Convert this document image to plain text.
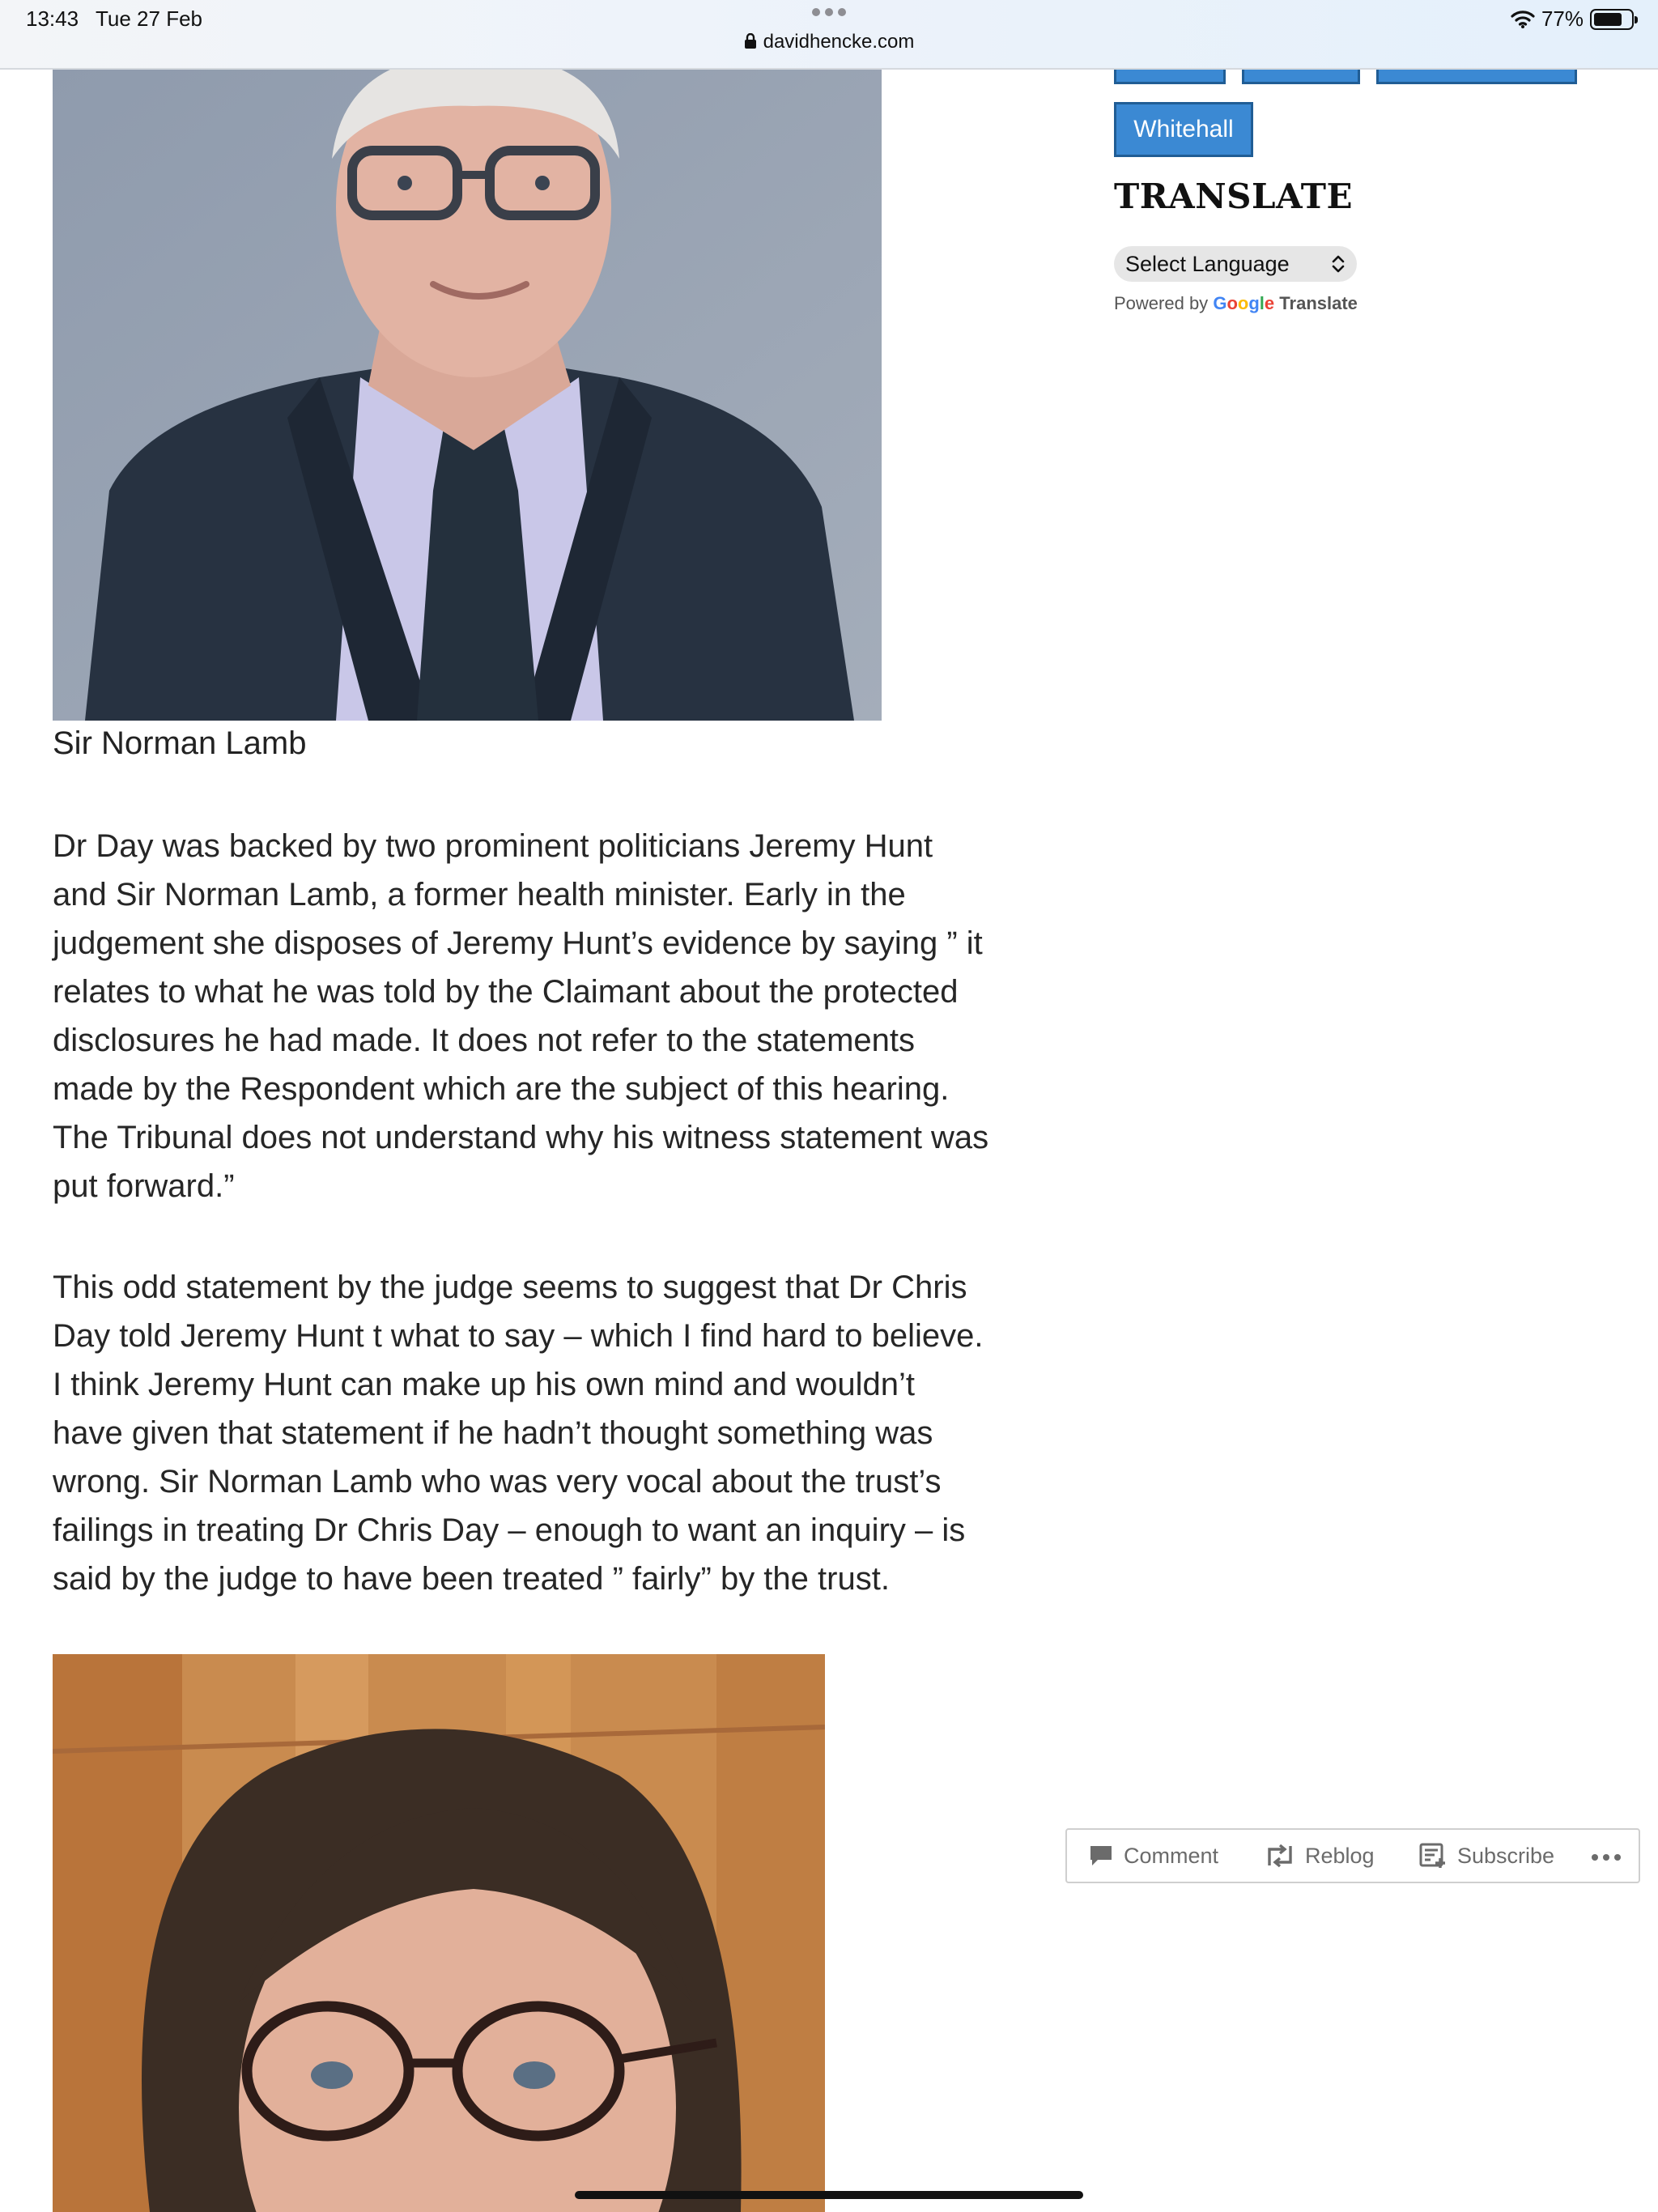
13:43 Tue 27 Feb
davidhencke.com
77%
Sir Norman Lamb

Dr Day was backed by two prominent politicians Jeremy Hunt and Sir Norman Lamb, a former health minister. Early in the judgement she disposes of Jeremy Hunt’s evidence by saying ” it relates to what he was told by the Claimant about the protected disclosures he had made. It does not refer to the statements made by the Respondent which are the subject of this hearing. The Tribunal does not understand why his witness statement was put forward.”

This odd statement by the judge seems to suggest that Dr Chris Day told Jeremy Hunt t what to say – which I find hard to believe. I think Jeremy Hunt can make up his own mind and wouldn’t have given that statement if he hadn’t thought something was wrong. Sir Norman Lamb who was very vocal about the trust’s failings in treating Dr Chris Day – enough to want an inquiry – is said by the judge to have been treated ” fairly” by the trust.

Whitehall
TRANSLATE
Select Language
Powered by Google Translate
Comment	Reblog	Subscribe
